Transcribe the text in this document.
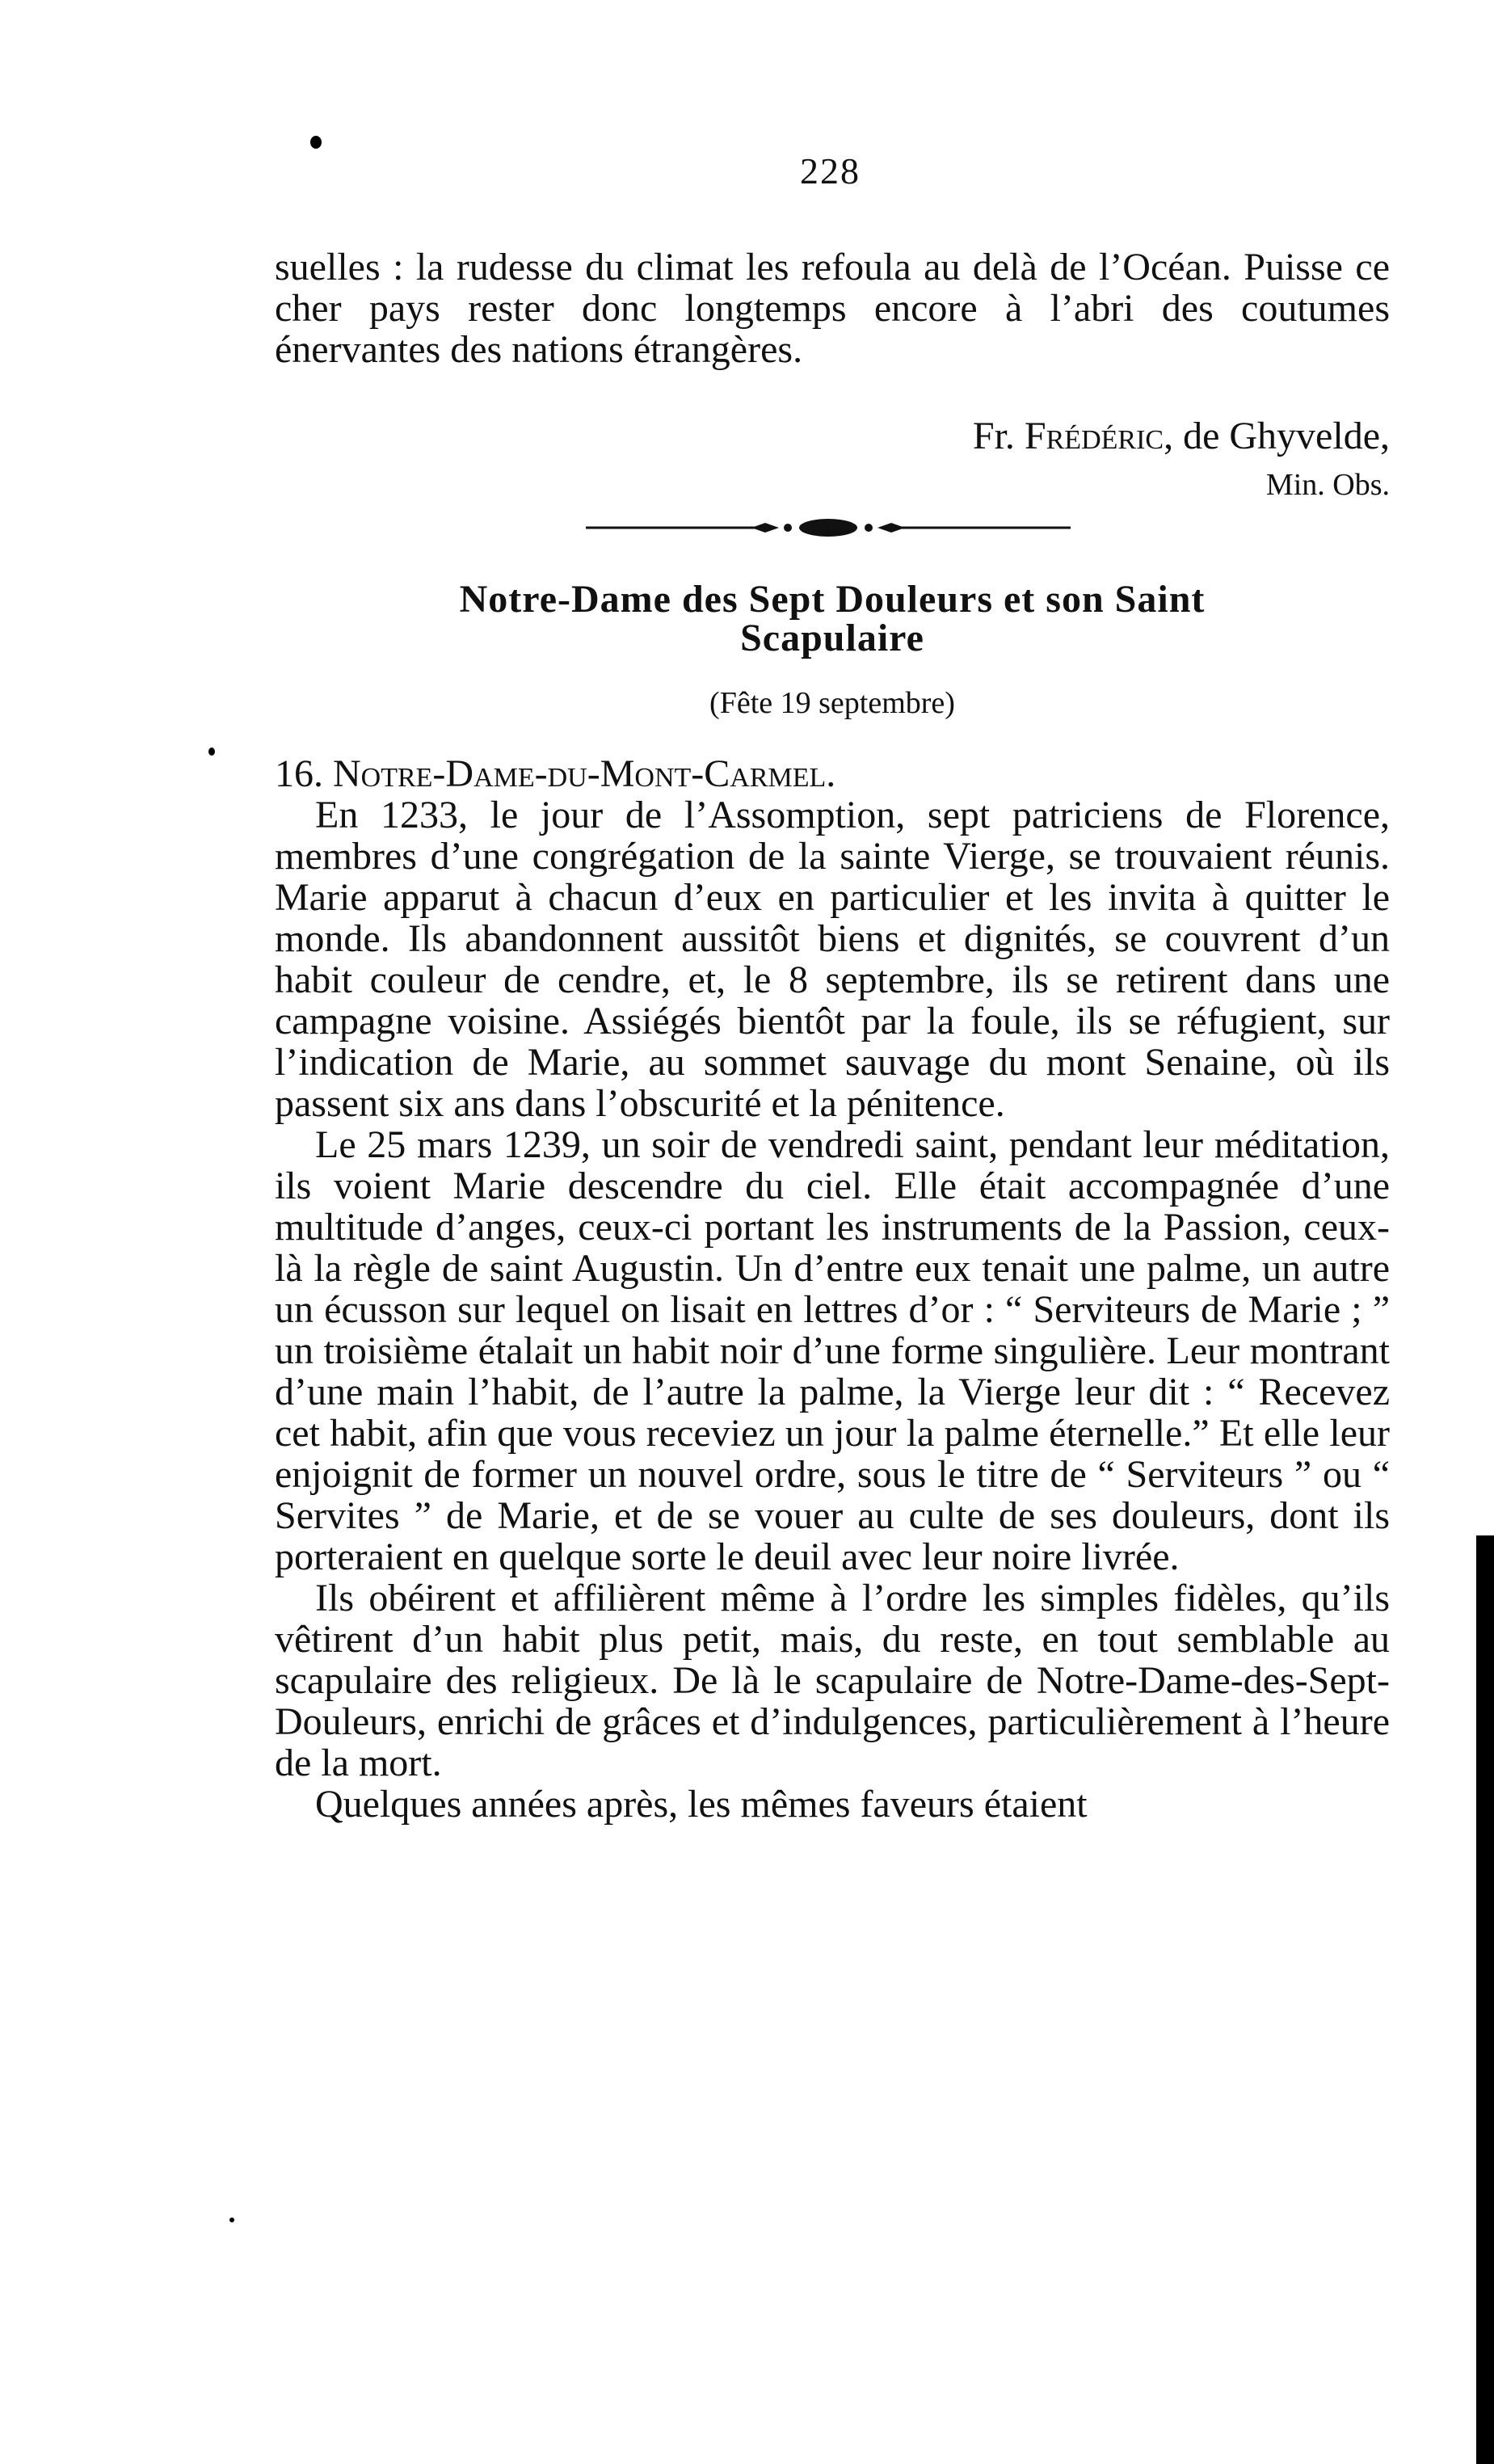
228

suelles : la rudesse du climat les refoula au delà de l’Océan. Puisse ce cher pays rester donc longtemps encore à l’abri des coutumes énervantes des nations étrangères.

Fr. Frédéric, de Ghyvelde,
Min. Obs.
Notre-Dame des Sept Douleurs et son Saint
Scapulaire
(Fête 19 septembre)

16. Notre-Dame-du-Mont-Carmel.

En 1233, le jour de l’Assomption, sept patriciens de Florence, membres d’une congrégation de la sainte Vierge, se trouvaient réunis. Marie apparut à chacun d’eux en particulier et les invita à quitter le monde. Ils abandonnent aussitôt biens et dignités, se couvrent d’un habit couleur de cendre, et, le 8 septembre, ils se retirent dans une campagne voisine. Assiégés bientôt par la foule, ils se réfugient, sur l’indication de Marie, au sommet sauvage du mont Senaine, où ils passent six ans dans l’obscurité et la pénitence.

Le 25 mars 1239, un soir de vendredi saint, pendant leur méditation, ils voient Marie descendre du ciel. Elle était accompagnée d’une multitude d’anges, ceux-ci portant les instruments de la Passion, ceux-là la règle de saint Augustin. Un d’entre eux tenait une palme, un autre un écusson sur lequel on lisait en lettres d’or : “ Serviteurs de Marie ; ” un troisième étalait un habit noir d’une forme singulière. Leur montrant d’une main l’habit, de l’autre la palme, la Vierge leur dit : “ Recevez cet habit, afin que vous receviez un jour la palme éternelle.” Et elle leur enjoignit de former un nouvel ordre, sous le titre de “ Serviteurs ” ou “ Servites ” de Marie, et de se vouer au culte de ses douleurs, dont ils porteraient en quelque sorte le deuil avec leur noire livrée.

Ils obéirent et affilièrent même à l’ordre les simples fidèles, qu’ils vêtirent d’un habit plus petit, mais, du reste, en tout semblable au scapulaire des religieux. De là le scapulaire de Notre-Dame-des-Sept-Douleurs, enrichi de grâces et d’indulgences, particulièrement à l’heure de la mort.

Quelques années après, les mêmes faveurs étaient
